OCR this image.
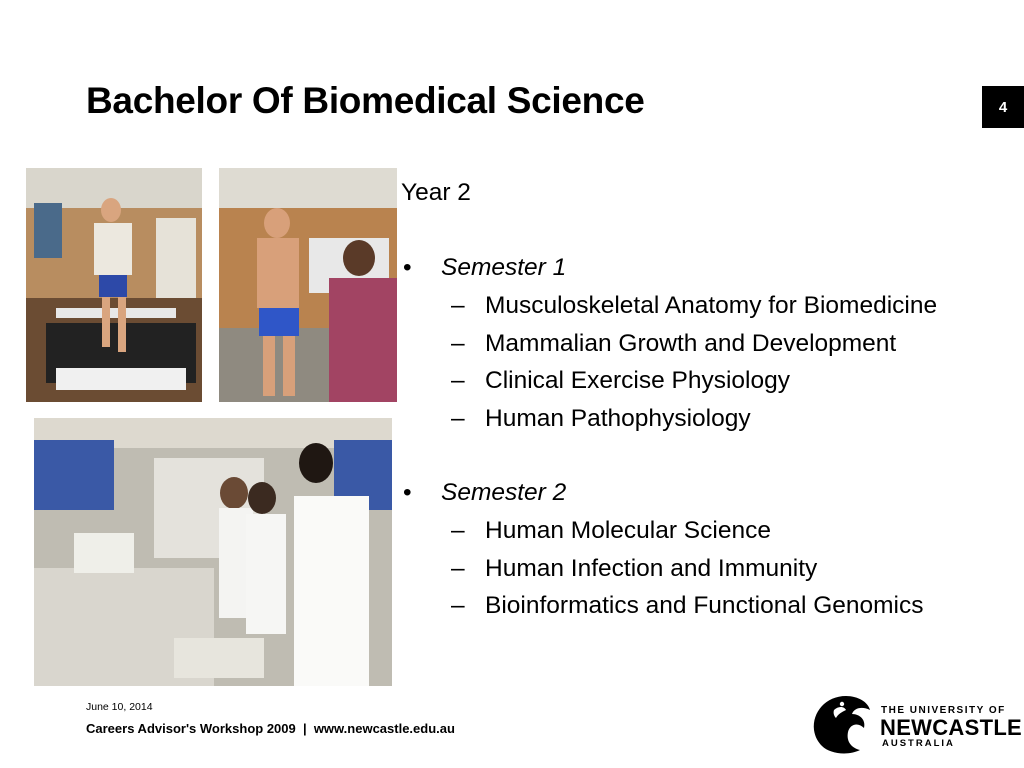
Bachelor Of Biomedical Science	4
Year 2
• Semester 1
– Musculoskeletal Anatomy for Biomedicine
– Mammalian Growth and Development
– Clinical Exercise Physiology
– Human Pathophysiology
• Semester 2
– Human Molecular Science
– Human Infection and Immunity
– Bioinformatics and Functional Genomics
June 10, 2014
Careers Advisor's Workshop 2009  |  www.newcastle.edu.au
THE UNIVERSITY OF
NEWCASTLE
AUSTRALIA
